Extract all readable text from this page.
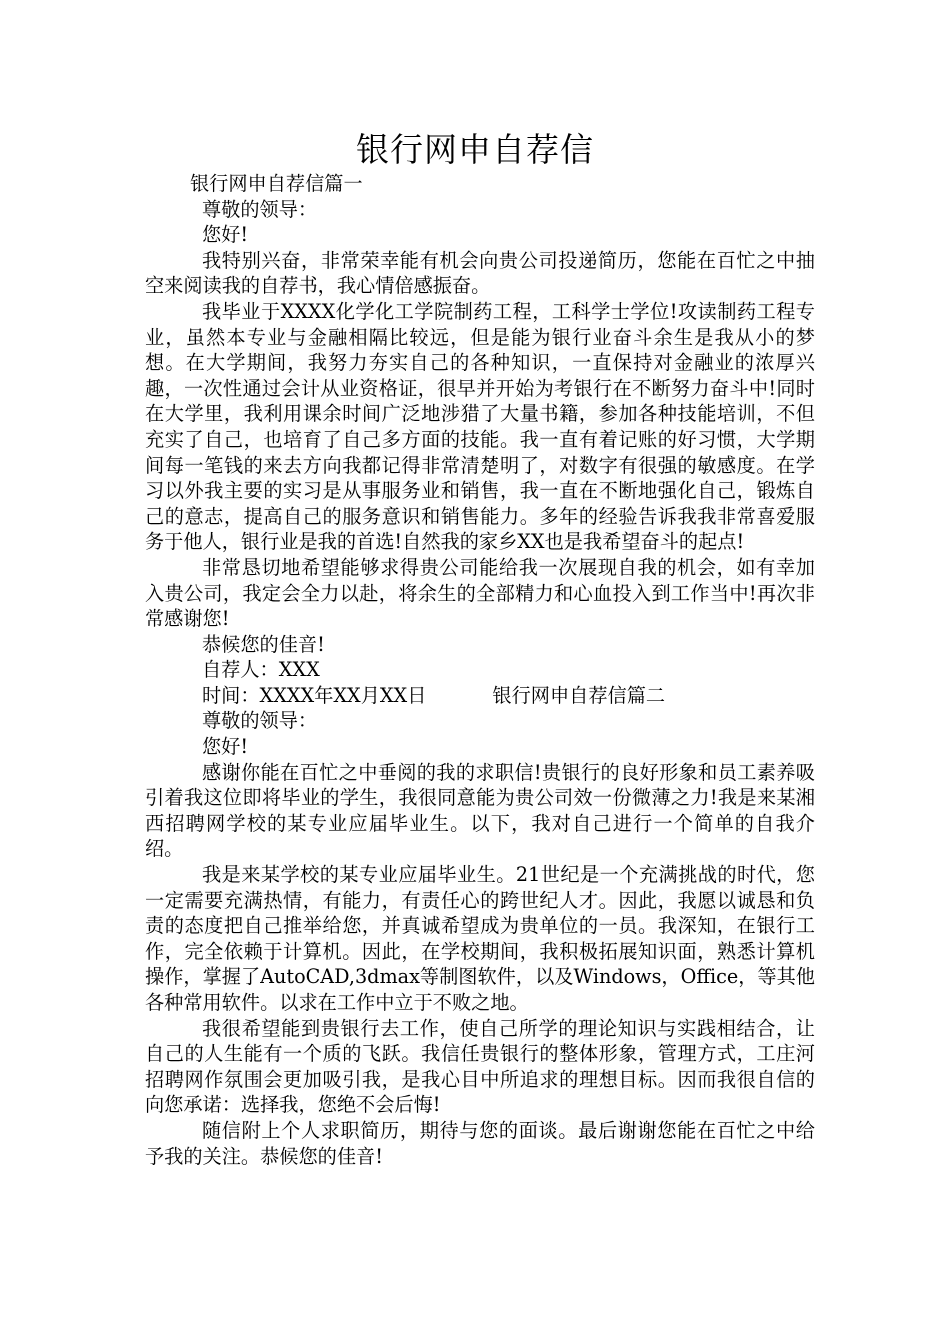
银行网申自荐信

银行网申自荐信篇一

尊敬的领导：

您好!

我特别兴奋，非常荣幸能有机会向贵公司投递简历，您能在百忙之中抽空来阅读我的自荐书，我心情倍感振奋。

我毕业于XXXX化学化工学院制药工程，工科学士学位!攻读制药工程专业，虽然本专业与金融相隔比较远，但是能为银行业奋斗余生是我从小的梦想。在大学期间，我努力夯实自己的各种知识，一直保持对金融业的浓厚兴趣，一次性通过会计从业资格证，很早并开始为考银行在不断努力奋斗中!同时在大学里，我利用课余时间广泛地涉猎了大量书籍，参加各种技能培训，不但充实了自己，也培育了自己多方面的技能。我一直有着记账的好习惯，大学期间每一笔钱的来去方向我都记得非常清楚明了，对数字有很强的敏感度。在学习以外我主要的实习是从事服务业和销售，我一直在不断地强化自己，锻炼自己的意志，提高自己的服务意识和销售能力。多年的经验告诉我我非常喜爱服务于他人，银行业是我的首选!自然我的家乡XX也是我希望奋斗的起点!

非常恳切地希望能够求得贵公司能给我一次展现自我的机会，如有幸加入贵公司，我定会全力以赴，将余生的全部精力和心血投入到工作当中!再次非常感谢您!

恭候您的佳音!

自荐人：XXX

时间：XXXX年XX月XX日	银行网申自荐信篇二

尊敬的领导：

您好!

感谢你能在百忙之中垂阅的我的求职信!贵银行的良好形象和员工素养吸引着我这位即将毕业的学生，我很同意能为贵公司效一份微薄之力!我是来某湘西招聘网学校的某专业应届毕业生。以下，我对自己进行一个简单的自我介绍。

我是来某学校的某专业应届毕业生。21世纪是一个充满挑战的时代，您一定需要充满热情，有能力，有责任心的跨世纪人才。因此，我愿以诚恳和负责的态度把自己推举给您，并真诚希望成为贵单位的一员。我深知，在银行工作，完全依赖于计算机。因此，在学校期间，我积极拓展知识面，熟悉计算机操作，掌握了AutoCAD,3dmax等制图软件，以及Windows，Office，等其他各种常用软件。以求在工作中立于不败之地。

我很希望能到贵银行去工作，使自己所学的理论知识与实践相结合，让自己的人生能有一个质的飞跃。我信任贵银行的整体形象，管理方式，工庄河招聘网作氛围会更加吸引我，是我心目中所追求的理想目标。因而我很自信的向您承诺：选择我，您绝不会后悔!

随信附上个人求职简历，期待与您的面谈。最后谢谢您能在百忙之中给予我的关注。恭候您的佳音!
